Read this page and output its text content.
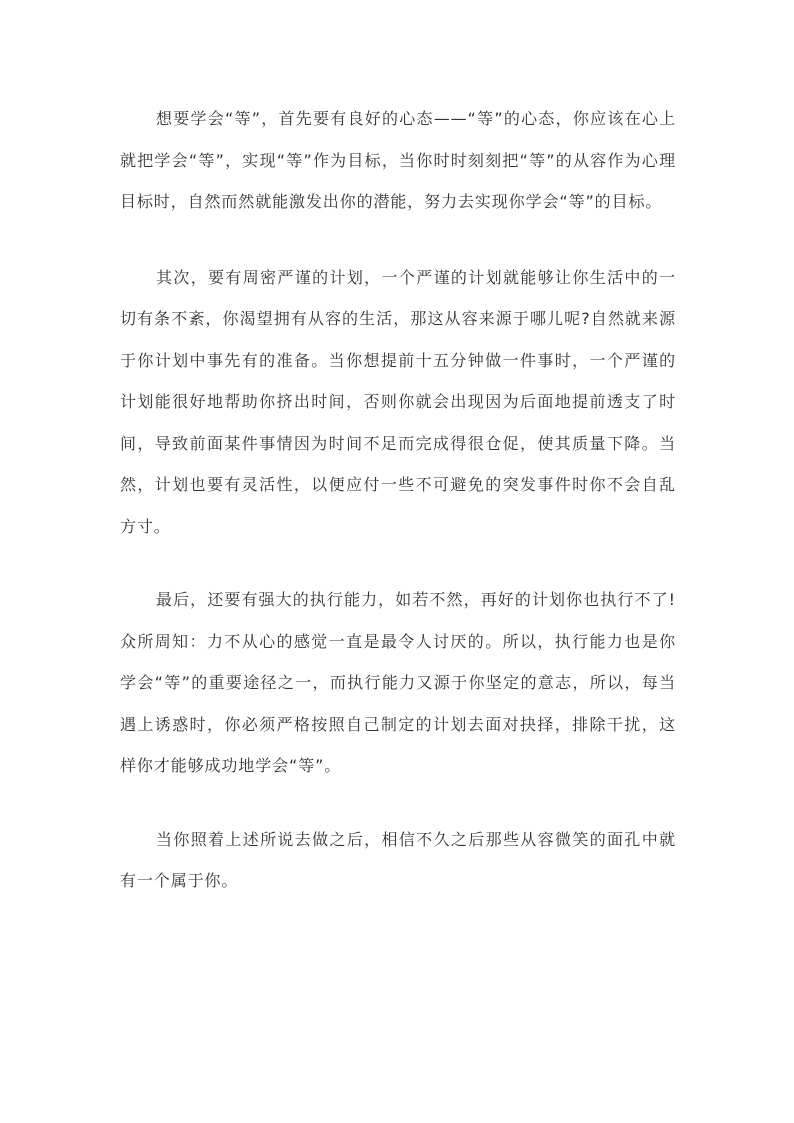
想要学会“等”，首先要有良好的心态——“等”的心态，你应该在心上就把学会“等”，实现“等”作为目标，当你时时刻刻把“等”的从容作为心理目标时，自然而然就能激发出你的潜能，努力去实现你学会“等”的目标。

其次，要有周密严谨的计划，一个严谨的计划就能够让你生活中的一切有条不紊，你渴望拥有从容的生活，那这从容来源于哪儿呢?自然就来源于你计划中事先有的准备。当你想提前十五分钟做一件事时，一个严谨的计划能很好地帮助你挤出时间，否则你就会出现因为后面地提前透支了时间，导致前面某件事情因为时间不足而完成得很仓促，使其质量下降。当然，计划也要有灵活性，以便应付一些不可避免的突发事件时你不会自乱方寸。

最后，还要有强大的执行能力，如若不然，再好的计划你也执行不了!众所周知：力不从心的感觉一直是最令人讨厌的。所以，执行能力也是你学会“等”的重要途径之一，而执行能力又源于你坚定的意志，所以，每当遇上诱惑时，你必须严格按照自己制定的计划去面对抉择，排除干扰，这样你才能够成功地学会“等”。

当你照着上述所说去做之后，相信不久之后那些从容微笑的面孔中就有一个属于你。
